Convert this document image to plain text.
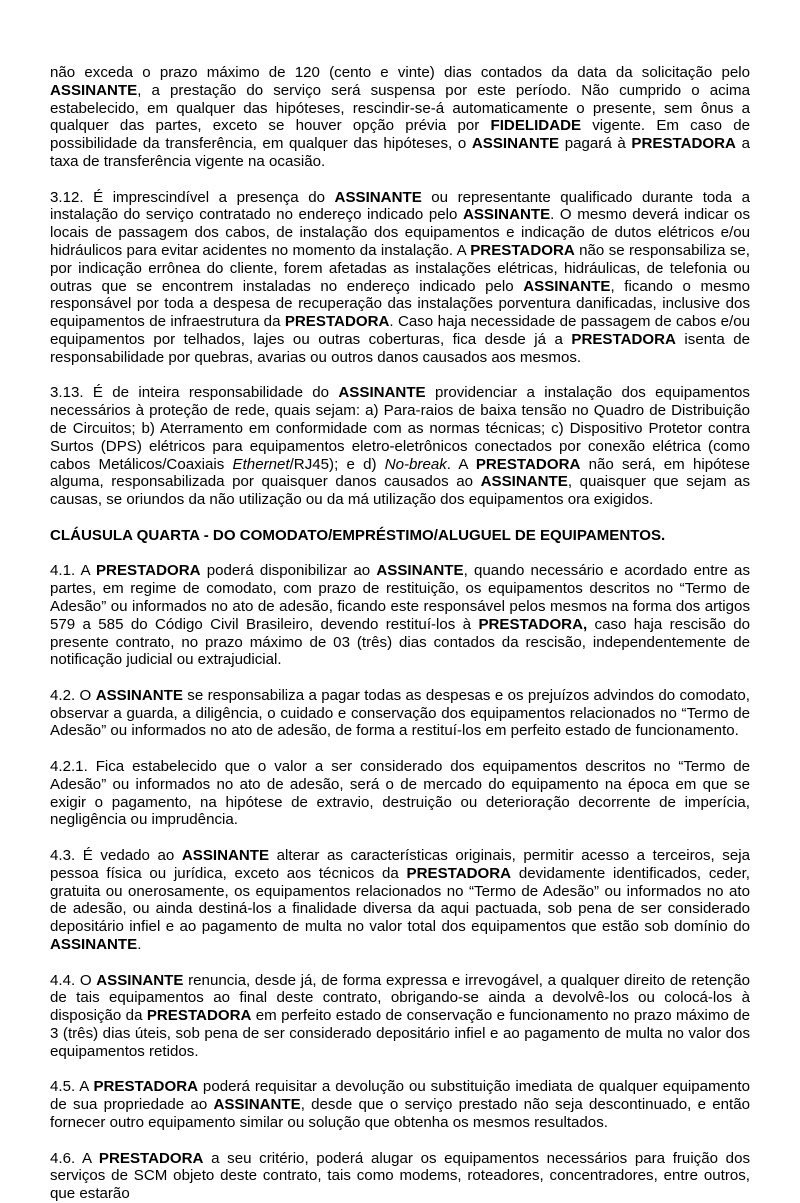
não exceda o prazo máximo de 120 (cento e vinte) dias contados da data da solicitação pelo ASSINANTE, a prestação do serviço será suspensa por este período. Não cumprido o acima estabelecido, em qualquer das hipóteses, rescindir-se-á automaticamente o presente, sem ônus a qualquer das partes, exceto se houver opção prévia por FIDELIDADE vigente. Em caso de possibilidade da transferência, em qualquer das hipóteses, o ASSINANTE pagará à PRESTADORA a taxa de transferência vigente na ocasião.

3.12. É imprescindível a presença do ASSINANTE ou representante qualificado durante toda a instalação do serviço contratado no endereço indicado pelo ASSINANTE. O mesmo deverá indicar os locais de passagem dos cabos, de instalação dos equipamentos e indicação de dutos elétricos e/ou hidráulicos para evitar acidentes no momento da instalação. A PRESTADORA não se responsabiliza se, por indicação errônea do cliente, forem afetadas as instalações elétricas, hidráulicas, de telefonia ou outras que se encontrem instaladas no endereço indicado pelo ASSINANTE, ficando o mesmo responsável por toda a despesa de recuperação das instalações porventura danificadas, inclusive dos equipamentos de infraestrutura da PRESTADORA. Caso haja necessidade de passagem de cabos e/ou equipamentos por telhados, lajes ou outras coberturas, fica desde já a PRESTADORA isenta de responsabilidade por quebras, avarias ou outros danos causados aos mesmos.

3.13. É de inteira responsabilidade do ASSINANTE providenciar a instalação dos equipamentos necessários à proteção de rede, quais sejam: a) Para-raios de baixa tensão no Quadro de Distribuição de Circuitos; b) Aterramento em conformidade com as normas técnicas; c) Dispositivo Protetor contra Surtos (DPS) elétricos para equipamentos eletro-eletrônicos conectados por conexão elétrica (como cabos Metálicos/Coaxiais Ethernet/RJ45); e d) No-break. A PRESTADORA não será, em hipótese alguma, responsabilizada por quaisquer danos causados ao ASSINANTE, quaisquer que sejam as causas, se oriundos da não utilização ou da má utilização dos equipamentos ora exigidos.

CLÁUSULA QUARTA - DO COMODATO/EMPRÉSTIMO/ALUGUEL DE EQUIPAMENTOS.

4.1. A PRESTADORA poderá disponibilizar ao ASSINANTE, quando necessário e acordado entre as partes, em regime de comodato, com prazo de restituição, os equipamentos descritos no “Termo de Adesão” ou informados no ato de adesão, ficando este responsável pelos mesmos na forma dos artigos 579 a 585 do Código Civil Brasileiro, devendo restituí-los à PRESTADORA, caso haja rescisão do presente contrato, no prazo máximo de 03 (três) dias contados da rescisão, independentemente de notificação judicial ou extrajudicial.

4.2. O ASSINANTE se responsabiliza a pagar todas as despesas e os prejuízos advindos do comodato, observar a guarda, a diligência, o cuidado e conservação dos equipamentos relacionados no “Termo de Adesão” ou informados no ato de adesão, de forma a restituí-los em perfeito estado de funcionamento.

4.2.1. Fica estabelecido que o valor a ser considerado dos equipamentos descritos no “Termo de Adesão” ou informados no ato de adesão, será o de mercado do equipamento na época em que se exigir o pagamento, na hipótese de extravio, destruição ou deterioração decorrente de imperícia, negligência ou imprudência.

4.3. É vedado ao ASSINANTE alterar as características originais, permitir acesso a terceiros, seja pessoa física ou jurídica, exceto aos técnicos da PRESTADORA devidamente identificados, ceder, gratuita ou onerosamente, os equipamentos relacionados no “Termo de Adesão” ou informados no ato de adesão, ou ainda destiná-los a finalidade diversa da aqui pactuada, sob pena de ser considerado depositário infiel e ao pagamento de multa no valor total dos equipamentos que estão sob domínio do ASSINANTE.

4.4. O ASSINANTE renuncia, desde já, de forma expressa e irrevogável, a qualquer direito de retenção de tais equipamentos ao final deste contrato, obrigando-se ainda a devolvê-los ou colocá-los à disposição da PRESTADORA em perfeito estado de conservação e funcionamento no prazo máximo de 3 (três) dias úteis, sob pena de ser considerado depositário infiel e ao pagamento de multa no valor dos equipamentos retidos.

4.5. A PRESTADORA poderá requisitar a devolução ou substituição imediata de qualquer equipamento de sua propriedade ao ASSINANTE, desde que o serviço prestado não seja descontinuado, e então fornecer outro equipamento similar ou solução que obtenha os mesmos resultados.

4.6. A PRESTADORA a seu critério, poderá alugar os equipamentos necessários para fruição dos serviços de SCM objeto deste contrato, tais como modems, roteadores, concentradores, entre outros, que estarão
